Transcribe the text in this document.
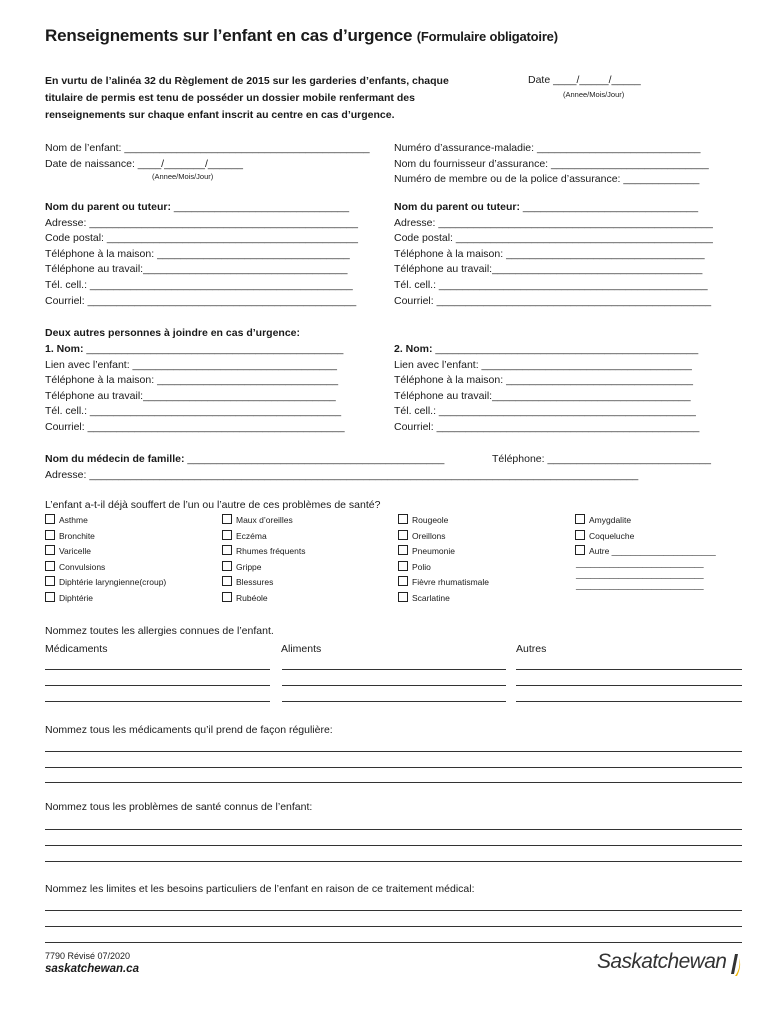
Renseignements sur l’enfant en cas d’urgence (Formulaire obligatoire)
En vurtu de l’alinéa 32 du Règlement de 2015 sur les garderies d’enfants, chaque titulaire de permis est tenu de posséder un dossier mobile renfermant des renseignements sur chaque enfant inscrit au centre en cas d’urgence.
Date ____/_____/_____
(Annee/Mois/Jour)
Nom de l’enfant: __________________________________________
Date de naissance: ____/_______/______
(Annee/Mois/Jour)
Numéro d’assurance-maladie: ____________________________
Nom du fournisseur d’assurance: ___________________________
Numéro de membre ou de la police d’assurance: _____________
Nom du parent ou tuteur: ______________________________
Adresse: ______________________________________________
Code postal: ___________________________________________
Téléphone à la maison: _________________________________
Téléphone au travail:___________________________________
Tél. cell.: _____________________________________________
Courriel: ______________________________________________
Nom du parent ou tuteur: ______________________________
Adresse: _______________________________________________
Code postal: ____________________________________________
Téléphone à la maison: __________________________________
Téléphone au travail:____________________________________
Tél. cell.: ______________________________________________
Courriel: _______________________________________________
Deux autres personnes à joindre en cas d’urgence:
1. Nom: ____________________________________________
Lien avec l’enfant: ___________________________________
Téléphone à la maison: _______________________________
Téléphone au travail:_________________________________
Tél. cell.: ___________________________________________
Courriel: ____________________________________________
2. Nom: _____________________________________________
Lien avec l’enfant: ____________________________________
Téléphone à la maison: ________________________________
Téléphone au travail:__________________________________
Tél. cell.: ____________________________________________
Courriel: _____________________________________________
Nom du médecin de famille: ____________________________________________	Téléphone: ____________________________
Adresse: ______________________________________________________________________________________________
L’enfant a-t-il déjà souffert de l’un ou l’autre de ces problèmes de santé?
Asthme
Bronchite
Varicelle
Convulsions
Diphtérie laryngienne(croup)
Diphtérie
Maux d’oreilles
Eczéma
Rhumes fréquents
Grippe
Blessures
Rubéole
Rougeole
Oreillons
Pneumonie
Polio
Fièvre rhumatismale
Scarlatine
Amygdalite
Coqueluche
Autre ______________________
___________________________
___________________________
___________________________
Nommez toutes les allergies connues de l’enfant.
Médicaments	Aliments	Autres
Nommez tous les médicaments qu’il prend de façon régulière:
Nommez tous les problèmes de santé connus de l’enfant:
Nommez les limites et les besoins particuliers de l’enfant en raison de ce traitement médical:
7790 Révisé 07/2020
saskatchewan.ca	Saskatchewan
